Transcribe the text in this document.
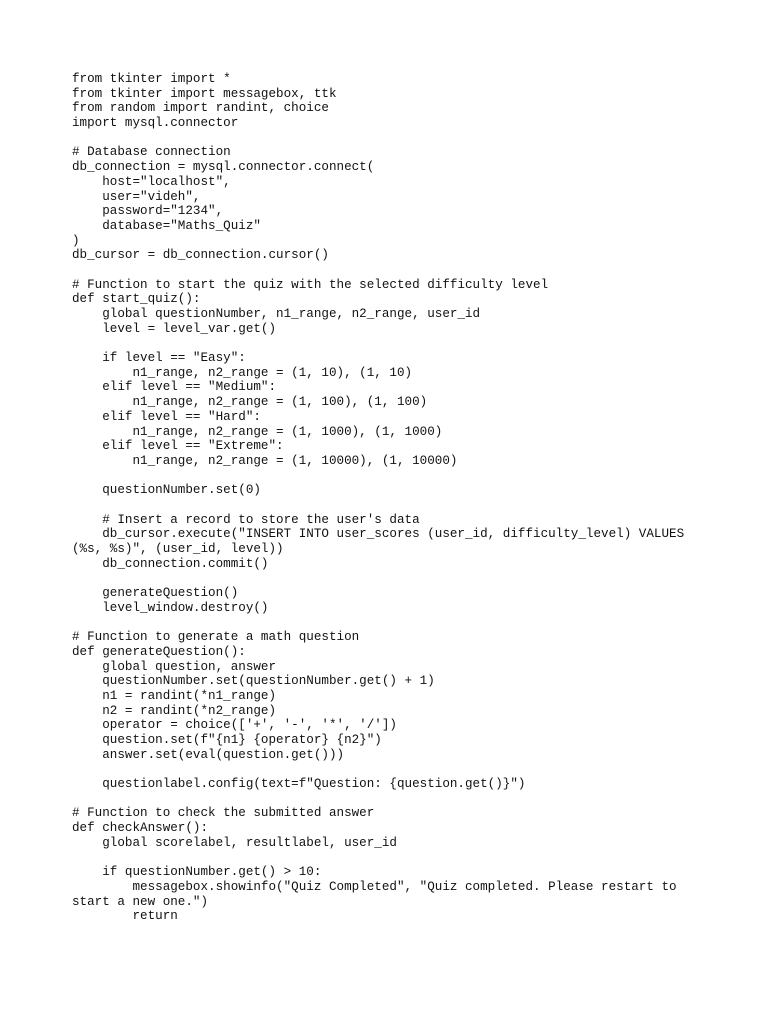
from tkinter import *
from tkinter import messagebox, ttk
from random import randint, choice
import mysql.connector
# Database connection
db_connection = mysql.connector.connect(
host="localhost",
user="videh",
password="1234",
database="Maths_Quiz"
)
db_cursor = db_connection.cursor()
# Function to start the quiz with the selected difficulty level
def start_quiz():
global questionNumber, n1_range, n2_range, user_id
level = level_var.get()
if level == "Easy":
n1_range, n2_range = (1, 10), (1, 10)
elif level == "Medium":
n1_range, n2_range = (1, 100), (1, 100)
elif level == "Hard":
n1_range, n2_range = (1, 1000), (1, 1000)
elif level == "Extreme":
n1_range, n2_range = (1, 10000), (1, 10000)
questionNumber.set(0)
# Insert a record to store the user's data
db_cursor.execute("INSERT INTO user_scores (user_id, difficulty_level) VALUES
(%s, %s)", (user_id, level))
db_connection.commit()
generateQuestion()
level_window.destroy()
# Function to generate a math question
def generateQuestion():
global question, answer
questionNumber.set(questionNumber.get() + 1)
n1 = randint(*n1_range)
n2 = randint(*n2_range)
operator = choice(['+', '-', '*', '/'])
question.set(f"{n1} {operator} {n2}")
answer.set(eval(question.get()))
questionlabel.config(text=f"Question: {question.get()}")
# Function to check the submitted answer
def checkAnswer():
global scorelabel, resultlabel, user_id
if questionNumber.get() > 10:
messagebox.showinfo("Quiz Completed", "Quiz completed. Please restart to
start a new one.")
return
